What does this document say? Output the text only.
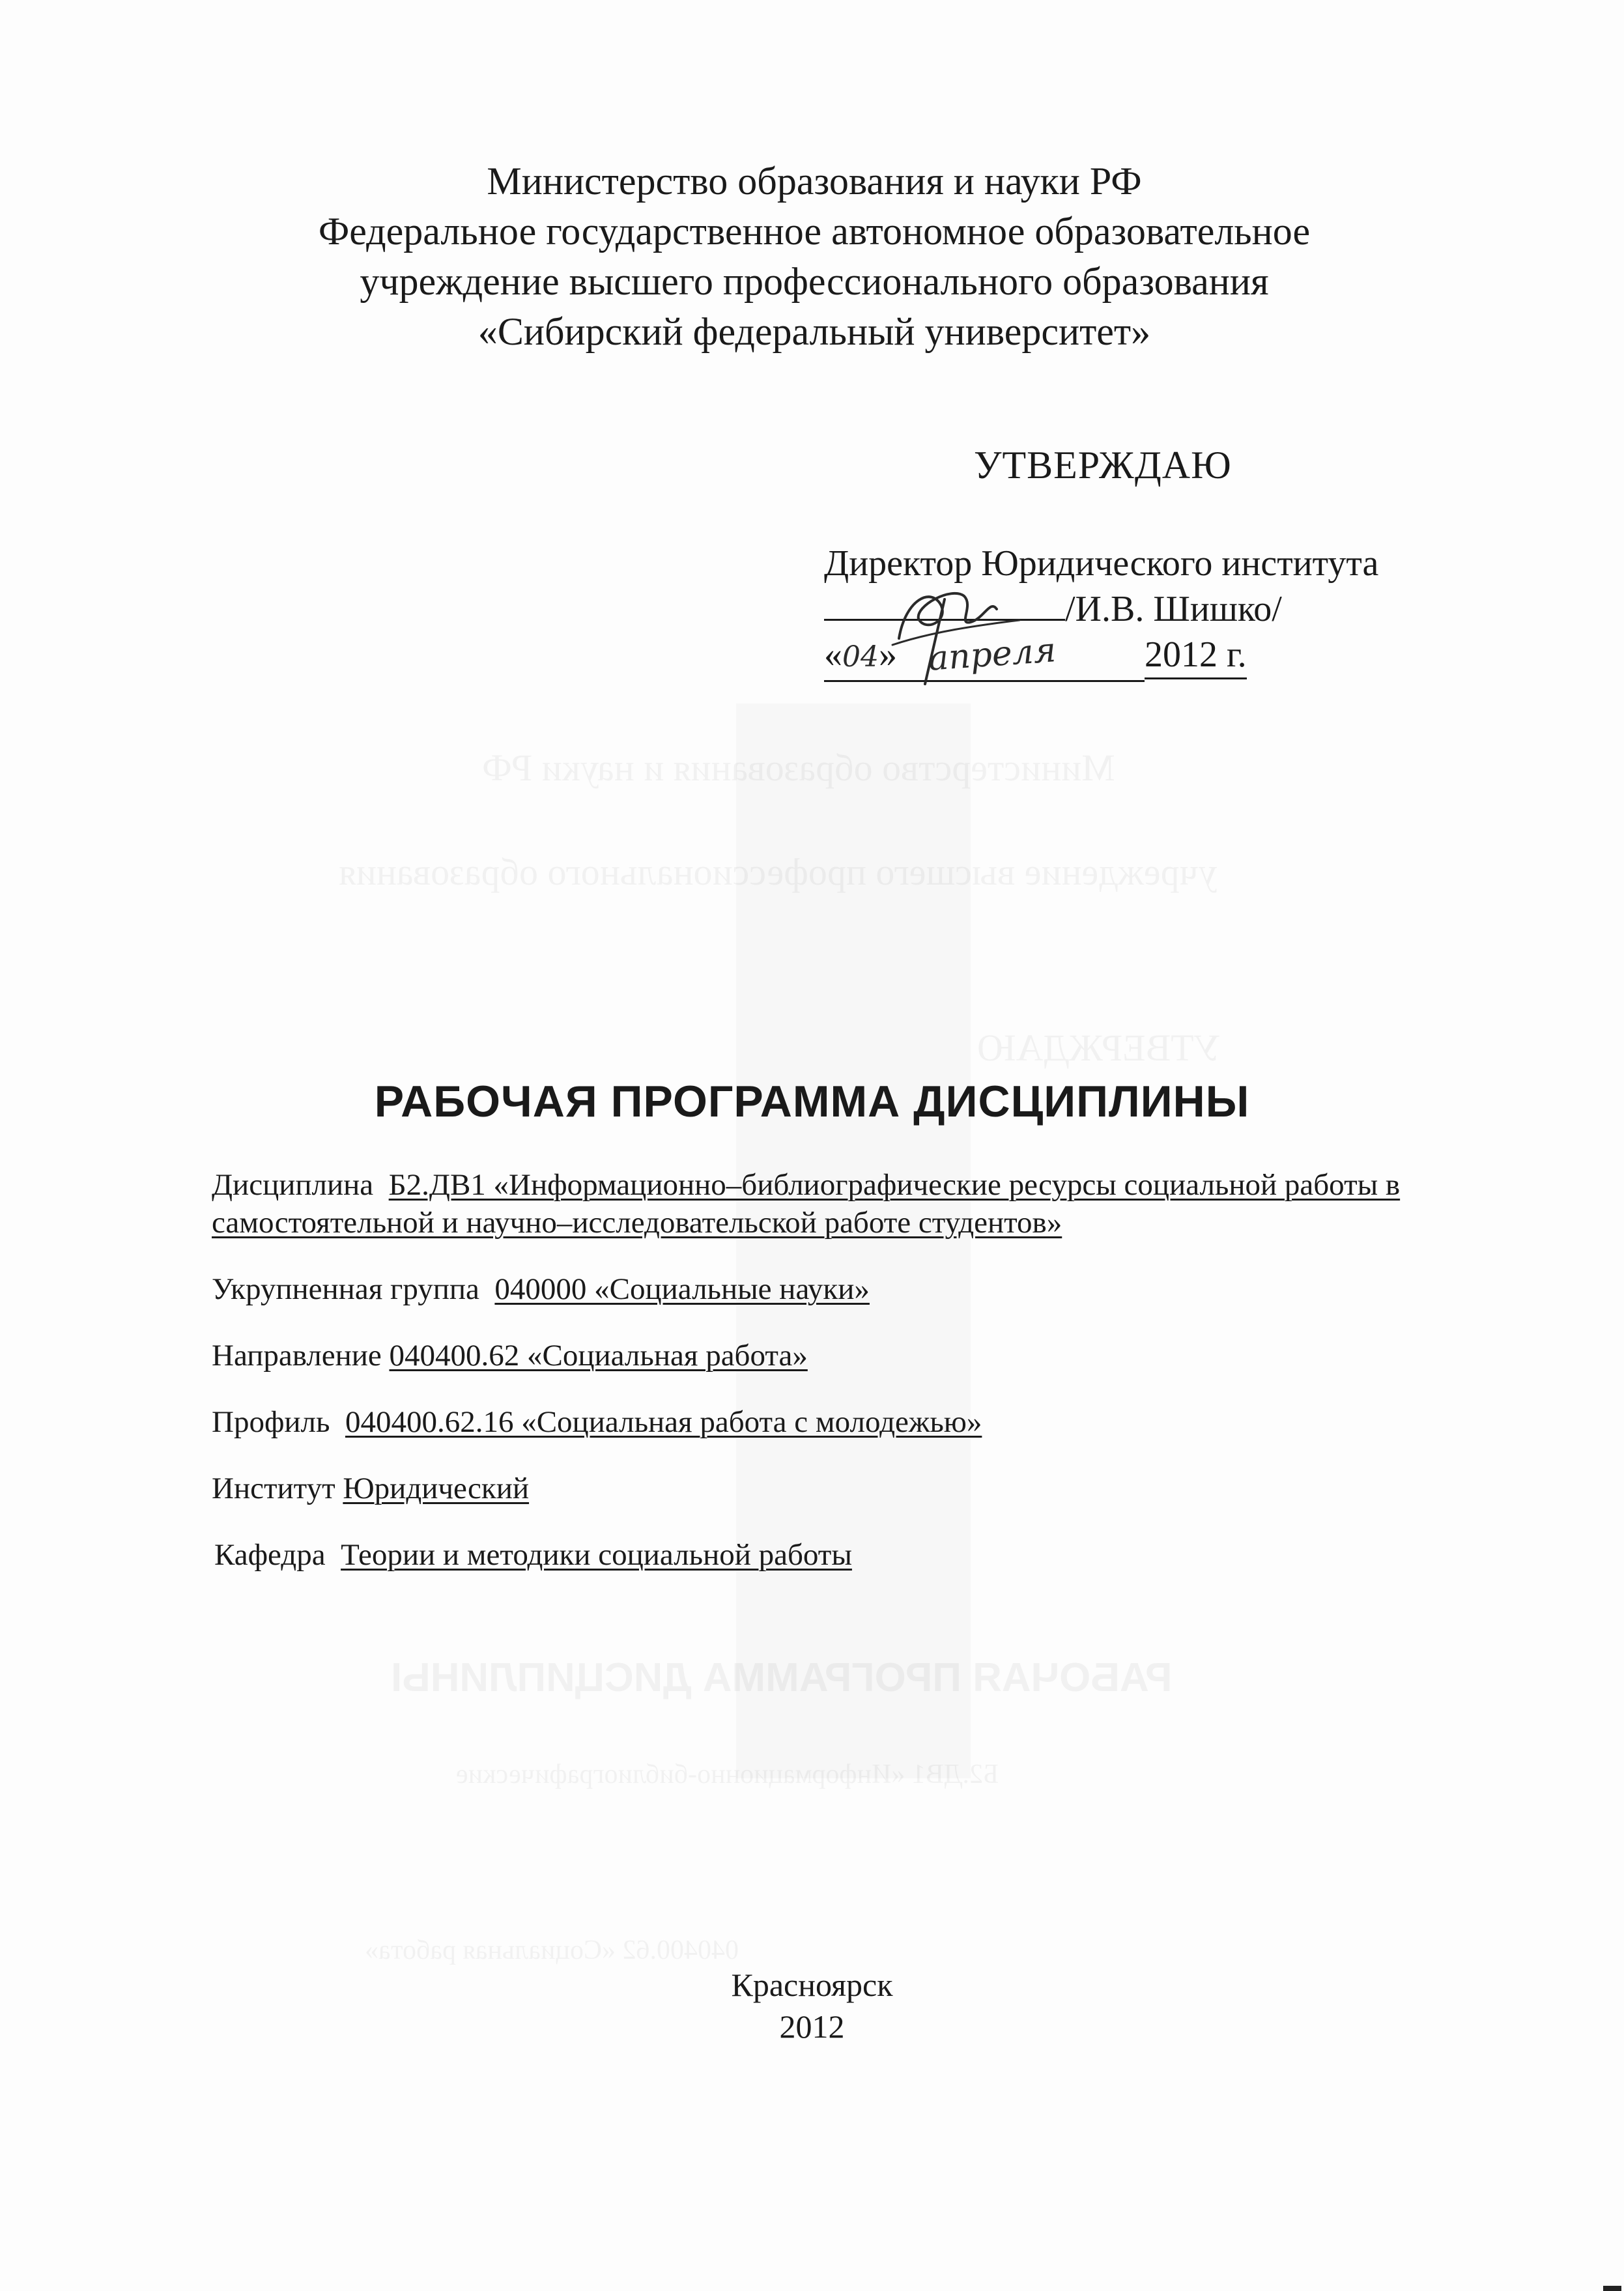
Министерство образования и науки РФ
Федеральное государственное автономное образовательное
учреждение высшего профессионального образования
«Сибирский федеральный университет»
УТВЕРЖДАЮ
Директор Юридического института
/И.В. Шишко/
«04»	2012 г.
апреля
РАБОЧАЯ ПРОГРАММА ДИСЦИПЛИНЫ
Дисциплина Б2.ДВ1 «Информационно–библиографические ресурсы социальной работы в самостоятельной и научно–исследовательской работе студентов»
Укрупненная группа 040000 «Социальные науки»
Направление 040400.62 «Социальная работа»
Профиль 040400.62.16 «Социальная работа с молодежью»
Институт Юридический
Кафедра Теории и методики социальной работы
Красноярск
2012
